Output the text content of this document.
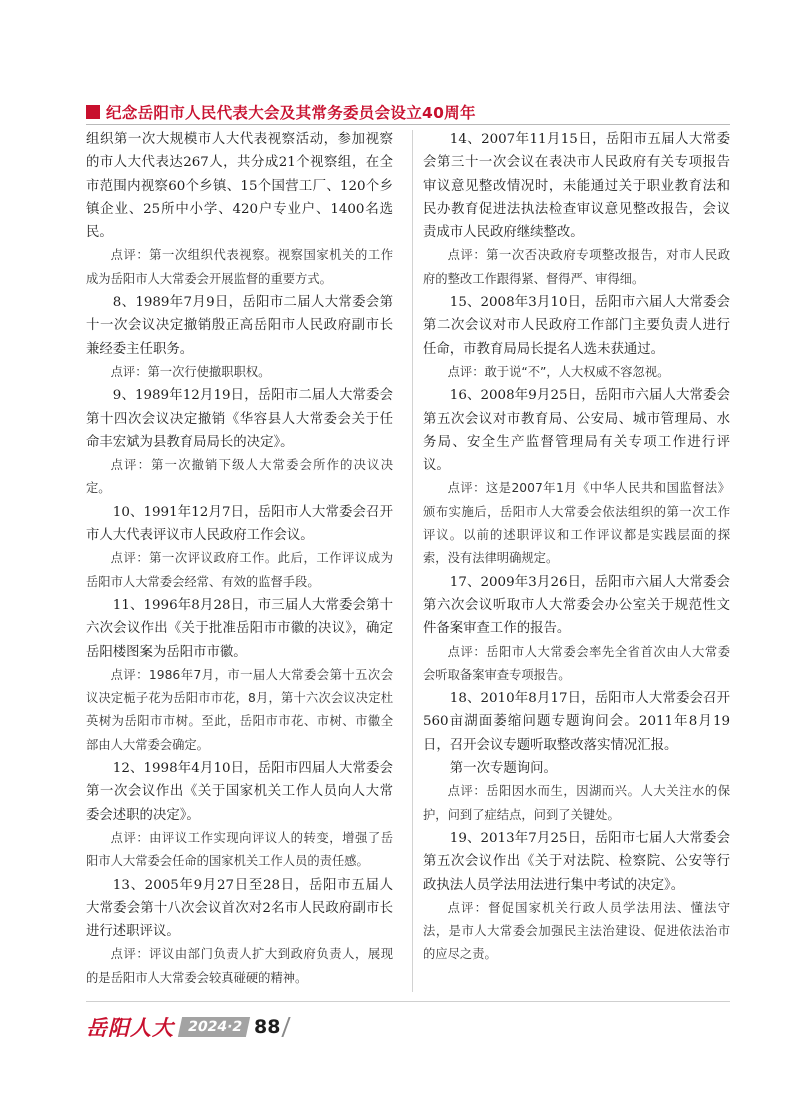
纪念岳阳市人民代表大会及其常务委员会设立40周年

组织第一次大规模市人大代表视察活动，参加视察的市人大代表达267人，共分成21个视察组，在全市范围内视察60个乡镇、15个国营工厂、120个乡镇企业、25所中小学、420户专业户、1400名选民。

点评：第一次组织代表视察。视察国家机关的工作成为岳阳市人大常委会开展监督的重要方式。

8、1989年7月9日，岳阳市二届人大常委会第十一次会议决定撤销殷正高岳阳市人民政府副市长兼经委主任职务。

点评：第一次行使撤职职权。

9、1989年12月19日，岳阳市二届人大常委会第十四次会议决定撤销《华容县人大常委会关于任命丰宏斌为县教育局局长的决定》。

点评：第一次撤销下级人大常委会所作的决议决定。

10、1991年12月7日，岳阳市人大常委会召开市人大代表评议市人民政府工作会议。

点评：第一次评议政府工作。此后，工作评议成为岳阳市人大常委会经常、有效的监督手段。

11、1996年8月28日，市三届人大常委会第十六次会议作出《关于批准岳阳市市徽的决议》，确定岳阳楼图案为岳阳市市徽。

点评：1986年7月，市一届人大常委会第十五次会议决定栀子花为岳阳市市花，8月，第十六次会议决定杜英树为岳阳市市树。至此，岳阳市市花、市树、市徽全部由人大常委会确定。

12、1998年4月10日，岳阳市四届人大常委会第一次会议作出《关于国家机关工作人员向人大常委会述职的决定》。

点评：由评议工作实现向评议人的转变，增强了岳阳市人大常委会任命的国家机关工作人员的责任感。

13、2005年9月27日至28日，岳阳市五届人大常委会第十八次会议首次对2名市人民政府副市长进行述职评议。

点评：评议由部门负责人扩大到政府负责人，展现的是岳阳市人大常委会较真碰硬的精神。

14、2007年11月15日，岳阳市五届人大常委会第三十一次会议在表决市人民政府有关专项报告审议意见整改情况时，未能通过关于职业教育法和民办教育促进法执法检查审议意见整改报告，会议责成市人民政府继续整改。

点评：第一次否决政府专项整改报告，对市人民政府的整改工作跟得紧、督得严、审得细。

15、2008年3月10日，岳阳市六届人大常委会第二次会议对市人民政府工作部门主要负责人进行任命，市教育局局长提名人选未获通过。

点评：敢于说“不”，人大权威不容忽视。

16、2008年9月25日，岳阳市六届人大常委会第五次会议对市教育局、公安局、城市管理局、水务局、安全生产监督管理局有关专项工作进行评议。

点评：这是2007年1月《中华人民共和国监督法》颁布实施后，岳阳市人大常委会依法组织的第一次工作评议。以前的述职评议和工作评议都是实践层面的探索，没有法律明确规定。

17、2009年3月26日，岳阳市六届人大常委会第六次会议听取市人大常委会办公室关于规范性文件备案审查工作的报告。

点评：岳阳市人大常委会率先全省首次由人大常委会听取备案审查专项报告。

18、2010年8月17日，岳阳市人大常委会召开560亩湖面萎缩问题专题询问会。2011年8月19日，召开会议专题听取整改落实情况汇报。

第一次专题询问。

点评：岳阳因水而生，因湖而兴。人大关注水的保护，问到了症结点，问到了关键处。

19、2013年7月25日，岳阳市七届人大常委会第五次会议作出《关于对法院、检察院、公安等行政执法人员学法用法进行集中考试的决定》。

点评：督促国家机关行政人员学法用法、懂法守法，是市人大常委会加强民主法治建设、促进依法治市的应尽之责。

岳阳人大 2024·2 88
